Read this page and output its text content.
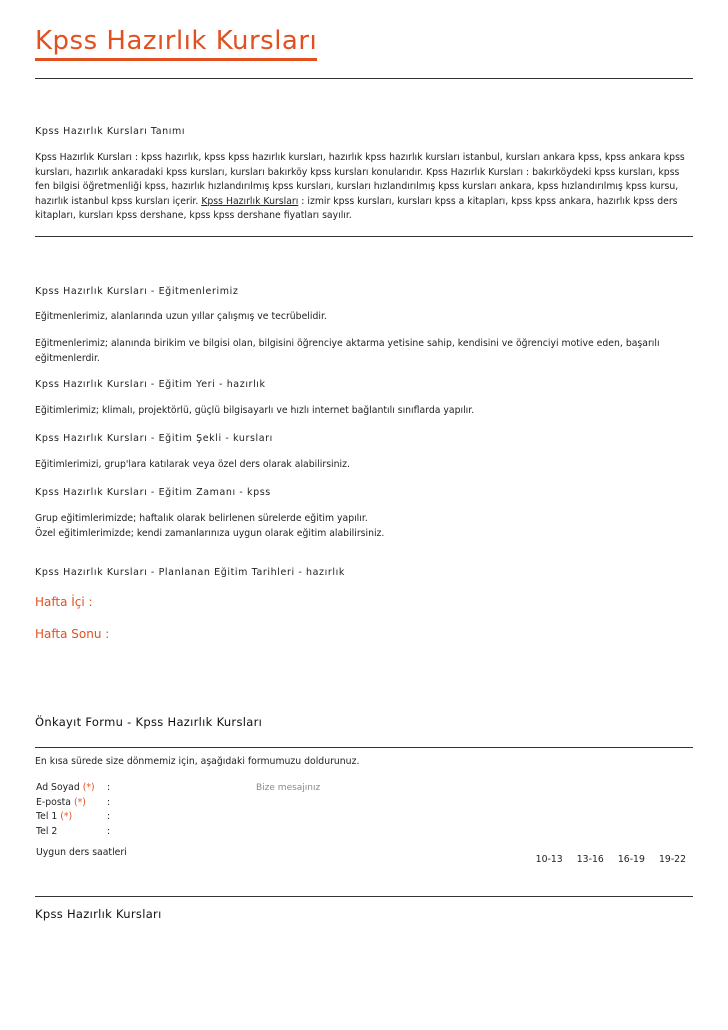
Kpss Hazırlık Kursları
Kpss Hazırlık Kursları Tanımı
Kpss Hazırlık Kursları : kpss hazırlık, kpss kpss hazırlık kursları, hazırlık kpss hazırlık kursları istanbul, kursları ankara kpss, kpss ankara kpss kursları, hazırlık ankaradaki kpss kursları, kursları bakırköy kpss kursları konularıdır. Kpss Hazırlık Kursları : bakırköydeki kpss kursları, kpss fen bilgisi öğretmenliği kpss, hazırlık hızlandırılmış kpss kursları, kursları hızlandırılmış kpss kursları ankara, kpss hızlandırılmış kpss kursu, hazırlık istanbul kpss kursları içerir. Kpss Hazırlık Kursları : izmir kpss kursları, kursları kpss a kitapları, kpss kpss ankara, hazırlık kpss ders kitapları, kursları kpss dershane, kpss kpss dershane fiyatları sayılır.
Kpss Hazırlık Kursları - Eğitmenlerimiz
Eğitmenlerimiz, alanlarında uzun yıllar çalışmış ve tecrübelidir.
Eğitmenlerimiz; alanında birikim ve bilgisi olan, bilgisini öğrenciye aktarma yetisine sahip, kendisini ve öğrenciyi motive eden, başarılı eğitmenlerdir.
Kpss Hazırlık Kursları - Eğitim Yeri - hazırlık
Eğitimlerimiz; klimalı, projektörlü, güçlü bilgisayarlı ve hızlı internet bağlantılı sınıflarda yapılır.
Kpss Hazırlık Kursları - Eğitim Şekli - kursları
Eğitimlerimizi, grup'lara katılarak veya özel ders olarak alabilirsiniz.
Kpss Hazırlık Kursları - Eğitim Zamanı - kpss
Grup eğitimlerimizde; haftalık olarak belirlenen sürelerde eğitim yapılır.
Özel eğitimlerimizde; kendi zamanlarınıza uygun olarak eğitim alabilirsiniz.
Kpss Hazırlık Kursları - Planlanan Eğitim Tarihleri - hazırlık
Hafta İçi :
Hafta Sonu :
Önkayıt Formu - Kpss Hazırlık Kursları
En kısa sürede size dönmemiz için, aşağıdaki formumuzu doldurunuz.
Ad Soyad (*) :
E-posta (*) :
Tel 1 (*)	:
Tel 2	:
Bize mesajınız
Uygun ders saatleri
10-13 13-16 16-19 19-22
Kpss Hazırlık Kursları
